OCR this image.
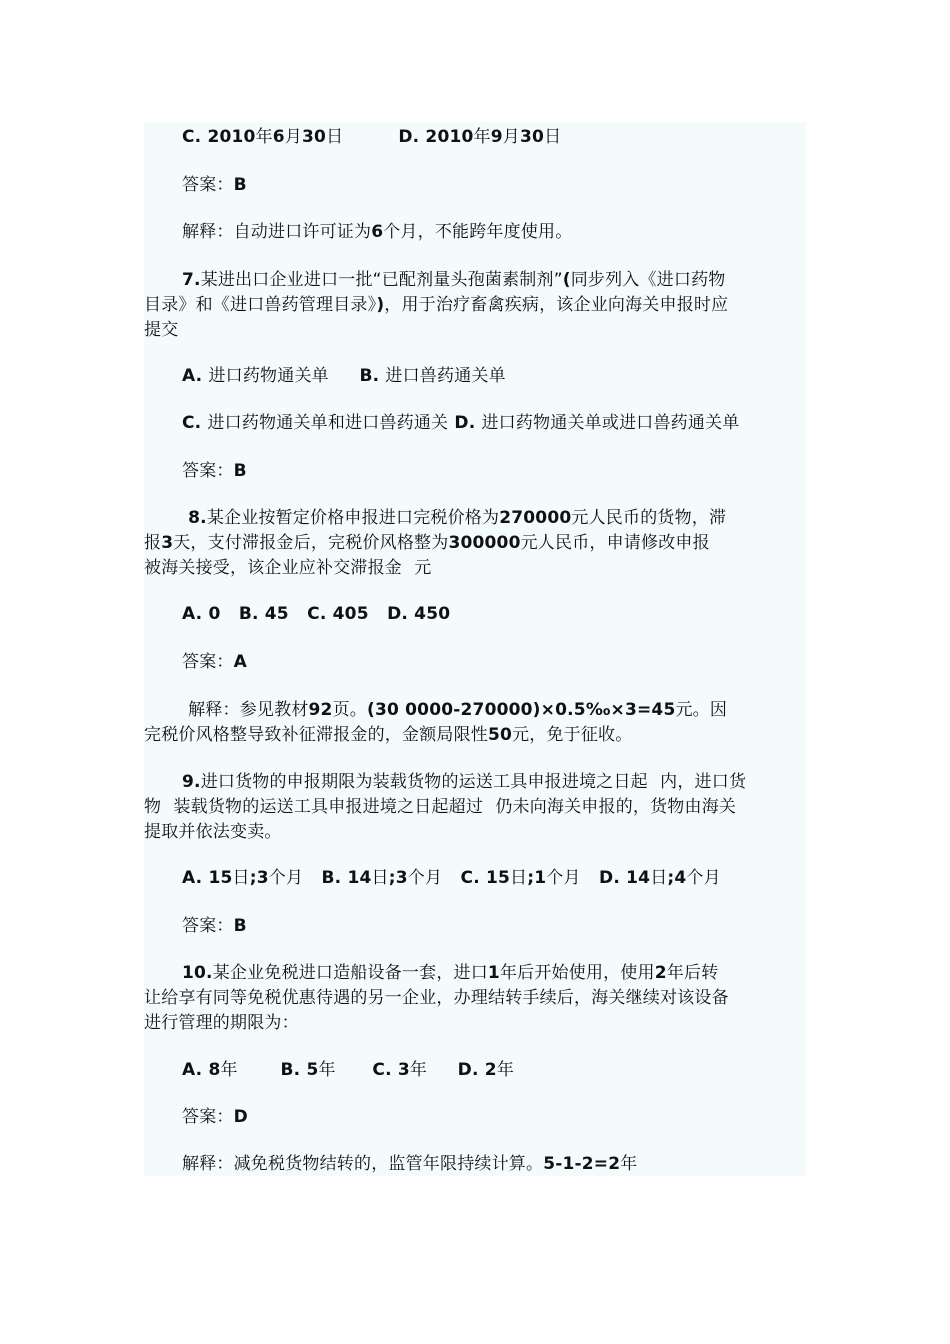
C. 2010年6月30日         D. 2010年9月30日
答案：B
解释：自动进口许可证为6个月，不能跨年度使用。
7.某进出口企业进口一批“已配剂量头孢菌素制剂”(同步列入《进口药物
目录》和《进口兽药管理目录》)，用于治疗畜禽疾病，该企业向海关申报时应
提交
A. 进口药物通关单     B. 进口兽药通关单
C. 进口药物通关单和进口兽药通关 D. 进口药物通关单或进口兽药通关单
答案：B
8.某企业按暂定价格申报进口完税价格为270000元人民币的货物，滞
报3天，支付滞报金后，完税价风格整为300000元人民币，申请修改申报
被海关接受，该企业应补交滞报金 元
A. 0   B. 45   C. 405   D. 450
答案：A
解释：参见教材92页。(30 0000-270000)×0.5‰×3=45元。因
完税价风格整导致补征滞报金的，金额局限性50元，免于征收。
9.进口货物的申报期限为装载货物的运送工具申报进境之日起 内，进口货
物 装载货物的运送工具申报进境之日起超过 仍未向海关申报的，货物由海关
提取并依法变卖。
A. 15日;3个月   B. 14日;3个月   C. 15日;1个月   D. 14日;4个月
答案：B
10.某企业免税进口造船设备一套，进口1年后开始使用，使用2年后转
让给享有同等免税优惠待遇的另一企业，办理结转手续后，海关继续对该设备
进行管理的期限为：
A. 8年       B. 5年      C. 3年     D. 2年
答案：D
解释：减免税货物结转的，监管年限持续计算。5-1-2=2年
